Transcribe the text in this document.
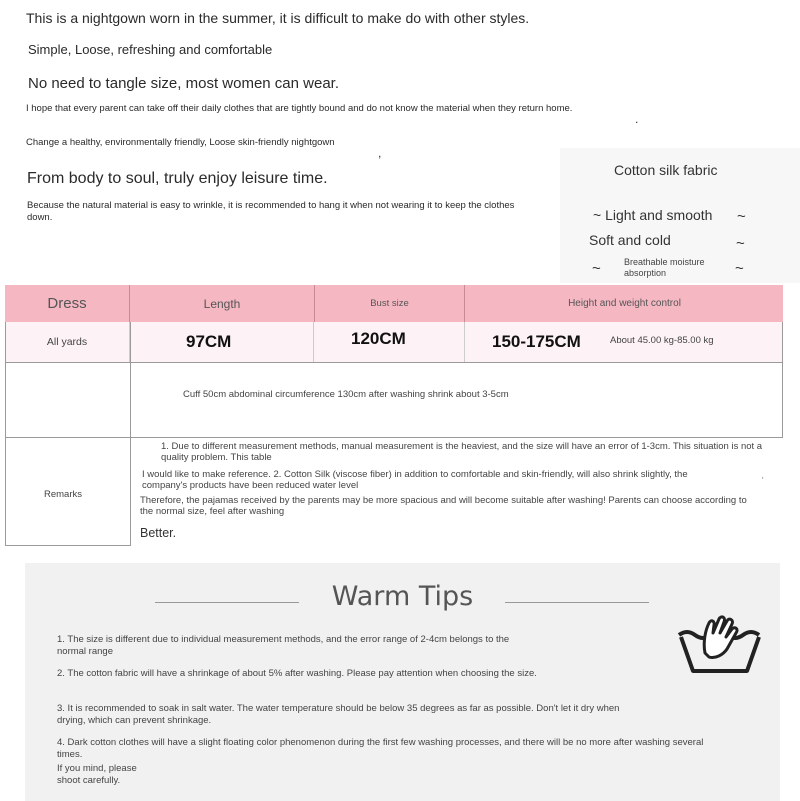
This is a nightgown worn in the summer, it is difficult to make do with other styles.
Simple, Loose, refreshing and comfortable
No need to tangle size, most women can wear.
I hope that every parent can take off their daily clothes that are tightly bound and do not know the material when they return home.
Change a healthy, environmentally friendly, Loose skin-friendly nightgown
From body to soul, truly enjoy leisure time.
Because the natural material is easy to wrinkle, it is recommended to hang it when not wearing it to keep the clothes down.
.
,
Cotton silk fabric
~ Light and smooth
Soft and cold
Breathable moisture absorption
~
~
~	~
Dress	Length	Bust size	Height and weight control
All yards	97CM	120CM	150-175CM	About 45.00 kg-85.00 kg
Cuff 50cm abdominal circumference 130cm after washing shrink about 3-5cm
Remarks
1. Due to different measurement methods, manual measurement is the heaviest, and the size will have an error of 1-3cm. This situation is not a quality problem. This table
I would like to make reference. 2. Cotton Silk (viscose fiber) in addition to comfortable and skin-friendly, will also shrink slightly, the company's products have been reduced water level
Therefore, the pajamas received by the parents may be more spacious and will become suitable after washing! Parents can choose according to the normal size, feel after washing
Better.
'
Warm Tips
1. The size is different due to individual measurement methods, and the error range of 2-4cm belongs to the normal range
2. The cotton fabric will have a shrinkage of about 5% after washing. Please pay attention when choosing the size.
3. It is recommended to soak in salt water. The water temperature should be below 35 degrees as far as possible. Don't let it dry when drying, which can prevent shrinkage.
4. Dark cotton clothes will have a slight floating color phenomenon during the first few washing processes, and there will be no more after washing several times.
If you mind, please
shoot carefully.
